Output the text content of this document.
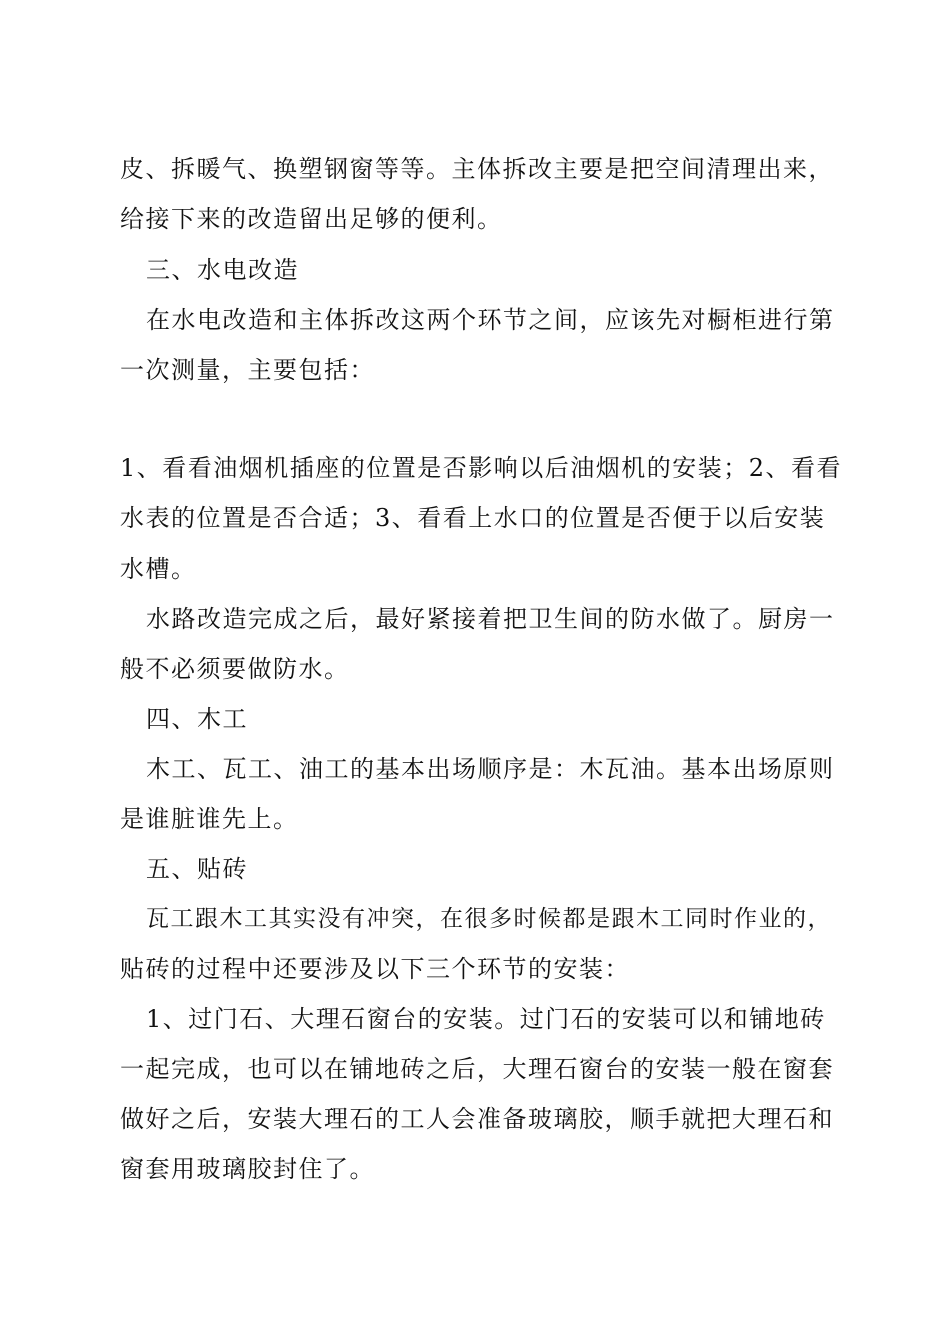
皮、拆暖气、换塑钢窗等等。主体拆改主要是把空间清理出来，
给接下来的改造留出足够的便利。
三、水电改造
在水电改造和主体拆改这两个环节之间，应该先对橱柜进行第
一次测量，主要包括：
1、看看油烟机插座的位置是否影响以后油烟机的安装；2、看看
水表的位置是否合适；3、看看上水口的位置是否便于以后安装
水槽。
水路改造完成之后，最好紧接着把卫生间的防水做了。厨房一
般不必须要做防水。
四、木工
木工、瓦工、油工的基本出场顺序是：木瓦油。基本出场原则
是谁脏谁先上。
五、贴砖
瓦工跟木工其实没有冲突，在很多时候都是跟木工同时作业的，
贴砖的过程中还要涉及以下三个环节的安装：
1、过门石、大理石窗台的安装。过门石的安装可以和铺地砖
一起完成，也可以在铺地砖之后，大理石窗台的安装一般在窗套
做好之后，安装大理石的工人会准备玻璃胶，顺手就把大理石和
窗套用玻璃胶封住了。
